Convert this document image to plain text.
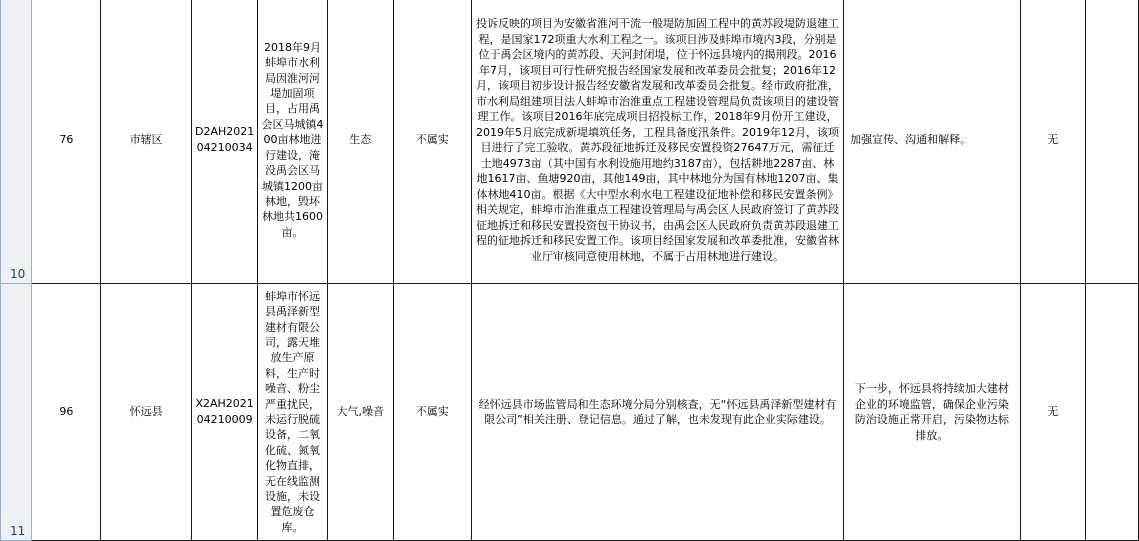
10	76	市辖区	D2AH2021 04210034	2018年9月蚌埠市水利局因淮河河堤加固项目，占用禹会区马城镇400亩林地进行建设，淹没禹会区马城镇1200亩林地，毁坏林地共1600亩。	生态	不属实	投诉反映的项目为安徽省淮河干流一般堤防加固工程中的黄苏段堤防退建工程，是国家172项重大水利工程之一。该项目涉及蚌埠市境内3段，分别是位于禹会区境内的黄苏段、天河封闭堤，位于怀远县境内的揭荆段。2016年7月，该项目可行性研究报告经国家发展和改革委员会批复；2016年12月，该项目初步设计报告经安徽省发展和改革委员会批复。经市政府批准，市水利局组建项目法人蚌埠市治淮重点工程建设管理局负责该项目的建设管理工作。该项目2016年底完成项目招投标工作，2018年9月份开工建设，2019年5月底完成新堤填筑任务，工程具备度汛条件。2019年12月，该项目进行了完工验收。黄苏段征地拆迁及移民安置投资27647万元，需征迁土地4973亩（其中国有水利设施用地约3187亩），包括耕地2287亩、林地1617亩、鱼塘920亩，其他149亩，其中林地分为国有林地1207亩、集体林地410亩。根据《大中型水利水电工程建设征地补偿和移民安置条例》相关规定，蚌埠市治淮重点工程建设管理局与禹会区人民政府签订了黄苏段征地拆迁和移民安置投资包干协议书，由禹会区人民政府负责黄苏段退建工程的征地拆迁和移民安置工作。该项目经国家发展和改革委批准，安徽省林业厅审核同意使用林地，不属于占用林地进行建设。	加强宣传、沟通和解释。	无	
11	96	怀远县	X2AH2021 04210009	蚌埠市怀远县禹泽新型建材有限公司，露天堆放生产原料，生产时噪音、粉尘严重扰民，未运行脱硫设备，二氧化硫、氮氧化物直排，无在线监测设施，未设置危废仓库。	大气,噪音	不属实	经怀远县市场监管局和生态环境分局分别核查，无“怀远县禹泽新型建材有限公司”相关注册、登记信息。通过了解，也未发现有此企业实际建设。	下一步，怀远县将持续加大建材企业的环境监管，确保企业污染防治设施正常开启，污染物达标排放。	无	
